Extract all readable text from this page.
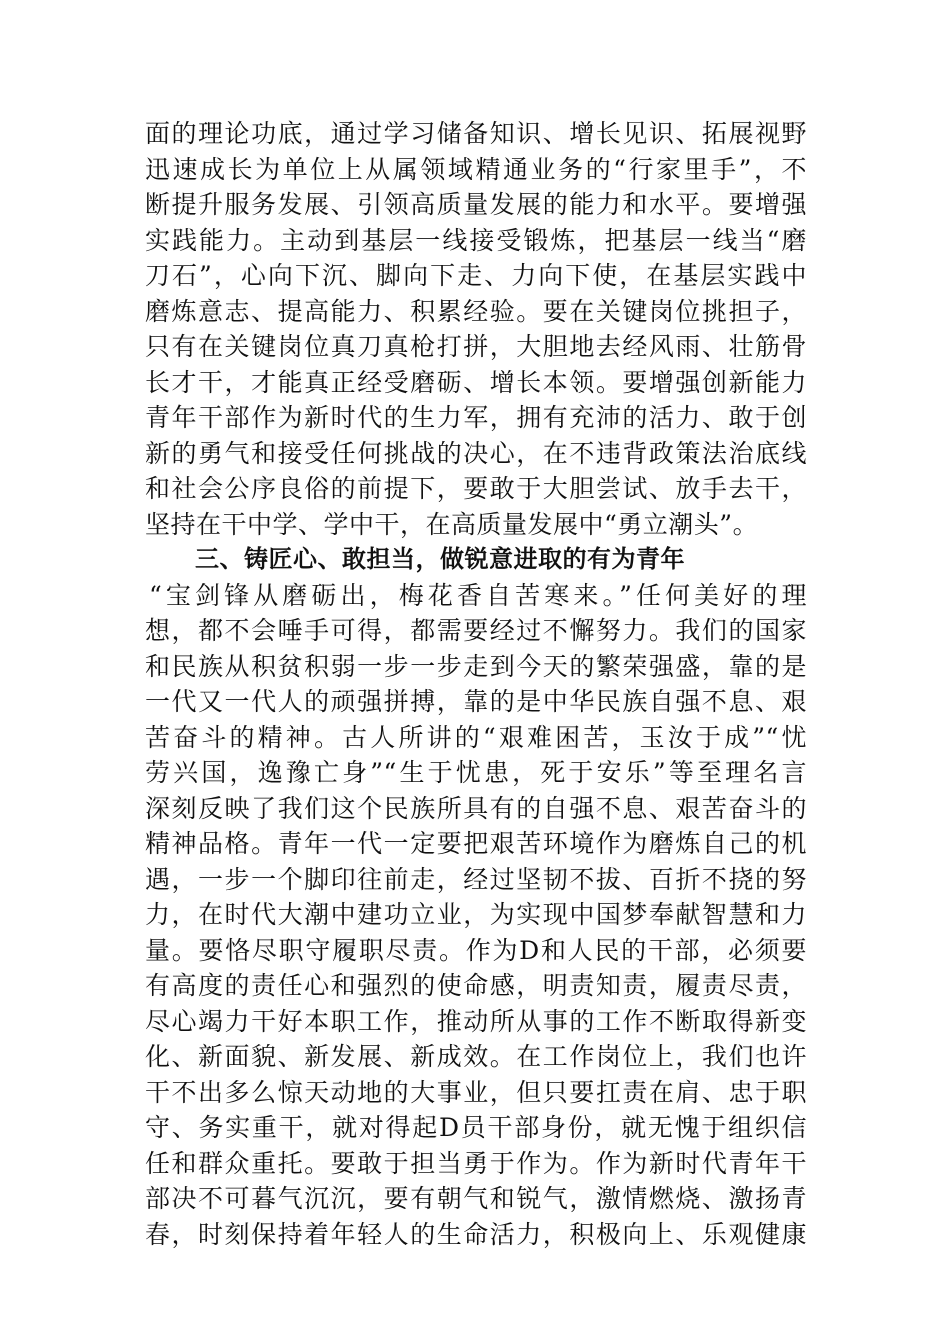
面的理论功底，通过学习储备知识、增长见识、拓展视野
迅速成长为单位上从属领域精通业务的“行家里手”，不
断提升服务发展、引领高质量发展的能力和水平。要增强
实践能力。主动到基层一线接受锻炼，把基层一线当“磨
刀石”，心向下沉、脚向下走、力向下使，在基层实践中
磨炼意志、提高能力、积累经验。要在关键岗位挑担子，
只有在关键岗位真刀真枪打拼，大胆地去经风雨、壮筋骨
长才干，才能真正经受磨砺、增长本领。要增强创新能力
青年干部作为新时代的生力军，拥有充沛的活力、敢于创
新的勇气和接受任何挑战的决心，在不违背政策法治底线
和社会公序良俗的前提下，要敢于大胆尝试、放手去干，
坚持在干中学、学中干，在高质量发展中“勇立潮头”。
三、铸匠心、敢担当，做锐意进取的有为青年
“宝剑锋从磨砺出，梅花香自苦寒来。”任何美好的理
想，都不会唾手可得，都需要经过不懈努力。我们的国家
和民族从积贫积弱一步一步走到今天的繁荣强盛，靠的是
一代又一代人的顽强拼搏，靠的是中华民族自强不息、艰
苦奋斗的精神。古人所讲的“艰难困苦，玉汝于成”“忧
劳兴国，逸豫亡身”“生于忧患，死于安乐”等至理名言
深刻反映了我们这个民族所具有的自强不息、艰苦奋斗的
精神品格。青年一代一定要把艰苦环境作为磨炼自己的机
遇，一步一个脚印往前走，经过坚韧不拔、百折不挠的努
力，在时代大潮中建功立业，为实现中国梦奉献智慧和力
量。要恪尽职守履职尽责。作为D和人民的干部，必须要
有高度的责任心和强烈的使命感，明责知责，履责尽责，
尽心竭力干好本职工作，推动所从事的工作不断取得新变
化、新面貌、新发展、新成效。在工作岗位上，我们也许
干不出多么惊天动地的大事业，但只要扛责在肩、忠于职
守、务实重干，就对得起D员干部身份，就无愧于组织信
任和群众重托。要敢于担当勇于作为。作为新时代青年干
部决不可暮气沉沉，要有朝气和锐气，激情燃烧、激扬青
春，时刻保持着年轻人的生命活力，积极向上、乐观健康
